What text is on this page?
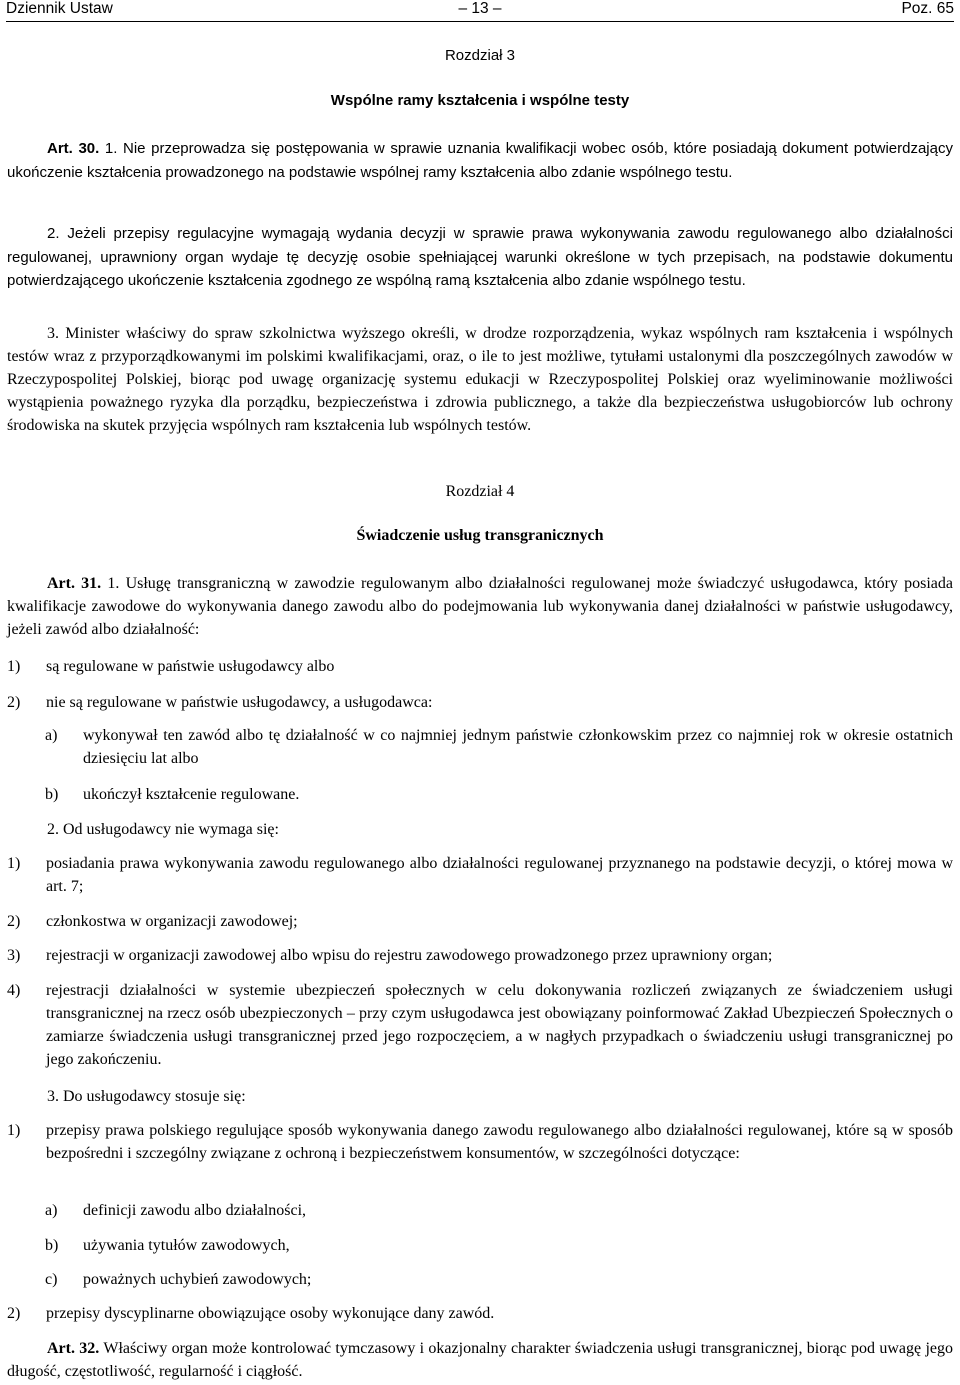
Dziennik Ustaw	– 13 –	Poz. 65
Rozdział 3
Wspólne ramy kształcenia i wspólne testy
Art. 30. 1. Nie przeprowadza się postępowania w sprawie uznania kwalifikacji wobec osób, które posiadają dokument potwierdzający ukończenie kształcenia prowadzonego na podstawie wspólnej ramy kształcenia albo zdanie wspólnego testu.
2. Jeżeli przepisy regulacyjne wymagają wydania decyzji w sprawie prawa wykonywania zawodu regulowanego albo działalności regulowanej, uprawniony organ wydaje tę decyzję osobie spełniającej warunki określone w tych przepisach, na podstawie dokumentu potwierdzającego ukończenie kształcenia zgodnego ze wspólną ramą kształcenia albo zdanie wspólnego testu.
3. Minister właściwy do spraw szkolnictwa wyższego określi, w drodze rozporządzenia, wykaz wspólnych ram kształcenia i wspólnych testów wraz z przyporządkowanymi im polskimi kwalifikacjami, oraz, o ile to jest możliwe, tytułami ustalonymi dla poszczególnych zawodów w Rzeczypospolitej Polskiej, biorąc pod uwagę organizację systemu edukacji w Rzeczypospolitej Polskiej oraz wyeliminowanie możliwości wystąpienia poważnego ryzyka dla porządku, bezpieczeństwa i zdrowia publicznego, a także dla bezpieczeństwa usługobiorców lub ochrony środowiska na skutek przyjęcia wspólnych ram kształcenia lub wspólnych testów.
Rozdział 4
Świadczenie usług transgranicznych
Art. 31. 1. Usługę transgraniczną w zawodzie regulowanym albo działalności regulowanej może świadczyć usługodawca, który posiada kwalifikacje zawodowe do wykonywania danego zawodu albo do podejmowania lub wykonywania danej działalności w państwie usługodawcy, jeżeli zawód albo działalność:
1) są regulowane w państwie usługodawcy albo
2) nie są regulowane w państwie usługodawcy, a usługodawca:
a) wykonywał ten zawód albo tę działalność w co najmniej jednym państwie członkowskim przez co najmniej rok w okresie ostatnich dziesięciu lat albo
b) ukończył kształcenie regulowane.
2. Od usługodawcy nie wymaga się:
1) posiadania prawa wykonywania zawodu regulowanego albo działalności regulowanej przyznanego na podstawie decyzji, o której mowa w art. 7;
2) członkostwa w organizacji zawodowej;
3) rejestracji w organizacji zawodowej albo wpisu do rejestru zawodowego prowadzonego przez uprawniony organ;
4) rejestracji działalności w systemie ubezpieczeń społecznych w celu dokonywania rozliczeń związanych ze świadczeniem usługi transgranicznej na rzecz osób ubezpieczonych – przy czym usługodawca jest obowiązany poinformować Zakład Ubezpieczeń Społecznych o zamiarze świadczenia usługi transgranicznej przed jego rozpoczęciem, a w nagłych przypadkach o świadczeniu usługi transgranicznej po jego zakończeniu.
3. Do usługodawcy stosuje się:
1) przepisy prawa polskiego regulujące sposób wykonywania danego zawodu regulowanego albo działalności regulowanej, które są w sposób bezpośredni i szczególny związane z ochroną i bezpieczeństwem konsumentów, w szczególności dotyczące:
a) definicji zawodu albo działalności,
b) używania tytułów zawodowych,
c) poważnych uchybień zawodowych;
2) przepisy dyscyplinarne obowiązujące osoby wykonujące dany zawód.
Art. 32. Właściwy organ może kontrolować tymczasowy i okazjonalny charakter świadczenia usługi transgranicznej, biorąc pod uwagę jego długość, częstotliwość, regularność i ciągłość.
